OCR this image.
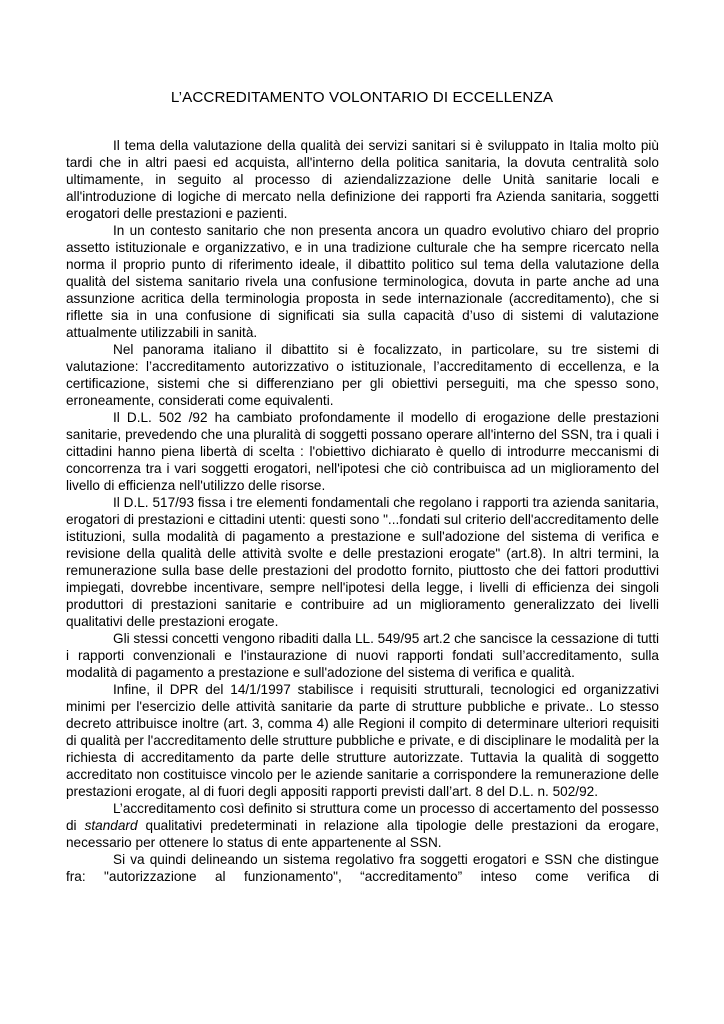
L’ACCREDITAMENTO VOLONTARIO DI ECCELLENZA

Il tema della valutazione della qualità dei servizi sanitari si è sviluppato in Italia molto più tardi che in altri paesi ed acquista, all'interno della politica sanitaria, la dovuta centralità solo ultimamente, in seguito al processo di aziendalizzazione delle Unità sanitarie locali e all'introduzione di logiche di mercato nella definizione dei rapporti fra Azienda sanitaria, soggetti erogatori delle prestazioni e pazienti.

In un contesto sanitario che non presenta ancora un quadro evolutivo chiaro del proprio assetto istituzionale e organizzativo, e in una tradizione culturale che ha sempre ricercato nella norma il proprio punto di riferimento ideale, il dibattito politico sul tema della valutazione della qualità del sistema sanitario rivela una confusione terminologica, dovuta in parte anche ad una assunzione acritica della terminologia proposta in sede internazionale (accreditamento), che si riflette sia in una confusione di significati sia sulla capacità d’uso di sistemi di valutazione attualmente utilizzabili in sanità.

Nel panorama italiano il dibattito si è focalizzato, in particolare, su tre sistemi di valutazione: l’accreditamento autorizzativo o istituzionale, l’accreditamento di eccellenza, e la certificazione, sistemi che si differenziano per gli obiettivi perseguiti, ma che spesso sono, erroneamente, considerati come equivalenti.

Il D.L. 502 /92 ha cambiato profondamente il modello di erogazione delle prestazioni sanitarie, prevedendo che una pluralità di soggetti possano operare all'interno del SSN, tra i quali i cittadini hanno piena libertà di scelta : l'obiettivo dichiarato è quello di introdurre meccanismi di concorrenza tra i vari soggetti erogatori, nell'ipotesi che ciò contribuisca ad un miglioramento del livello di efficienza nell'utilizzo delle risorse.

Il D.L. 517/93 fissa i tre elementi fondamentali che regolano i rapporti tra azienda sanitaria, erogatori di prestazioni e cittadini utenti: questi sono "...fondati sul criterio dell'accreditamento delle istituzioni, sulla modalità di pagamento a prestazione e sull'adozione del sistema di verifica e revisione della qualità delle attività svolte e delle prestazioni erogate" (art.8). In altri termini, la remunerazione sulla base delle prestazioni del prodotto fornito, piuttosto che dei fattori produttivi impiegati, dovrebbe incentivare, sempre nell'ipotesi della legge, i livelli di efficienza dei singoli produttori di prestazioni sanitarie e contribuire ad un miglioramento generalizzato dei livelli qualitativi delle prestazioni erogate.

Gli stessi concetti vengono ribaditi dalla LL. 549/95 art.2 che sancisce la cessazione di tutti i rapporti convenzionali e l'instaurazione di nuovi rapporti fondati sull’accreditamento, sulla modalità di pagamento a prestazione e sull'adozione del sistema di verifica e qualità.

Infine, il DPR del 14/1/1997 stabilisce i requisiti strutturali, tecnologici ed organizzativi minimi per l'esercizio delle attività sanitarie da parte di strutture pubbliche e private.. Lo stesso decreto attribuisce inoltre (art. 3, comma 4) alle Regioni il compito di determinare ulteriori requisiti di qualità per l'accreditamento delle strutture pubbliche e private, e di disciplinare le modalità per la richiesta di accreditamento da parte delle strutture autorizzate. Tuttavia la qualità di soggetto accreditato non costituisce vincolo per le aziende sanitarie a corrispondere la remunerazione delle prestazioni erogate, al di fuori degli appositi rapporti previsti dall’art. 8 del D.L. n. 502/92.

L’accreditamento così definito si struttura come un processo di accertamento del possesso di standard qualitativi predeterminati in relazione alla tipologie delle prestazioni da erogare, necessario per ottenere lo status di ente appartenente al SSN.

Si va quindi delineando un sistema regolativo fra soggetti erogatori e SSN che distingue fra: "autorizzazione al funzionamento", “accreditamento” inteso come verifica di
